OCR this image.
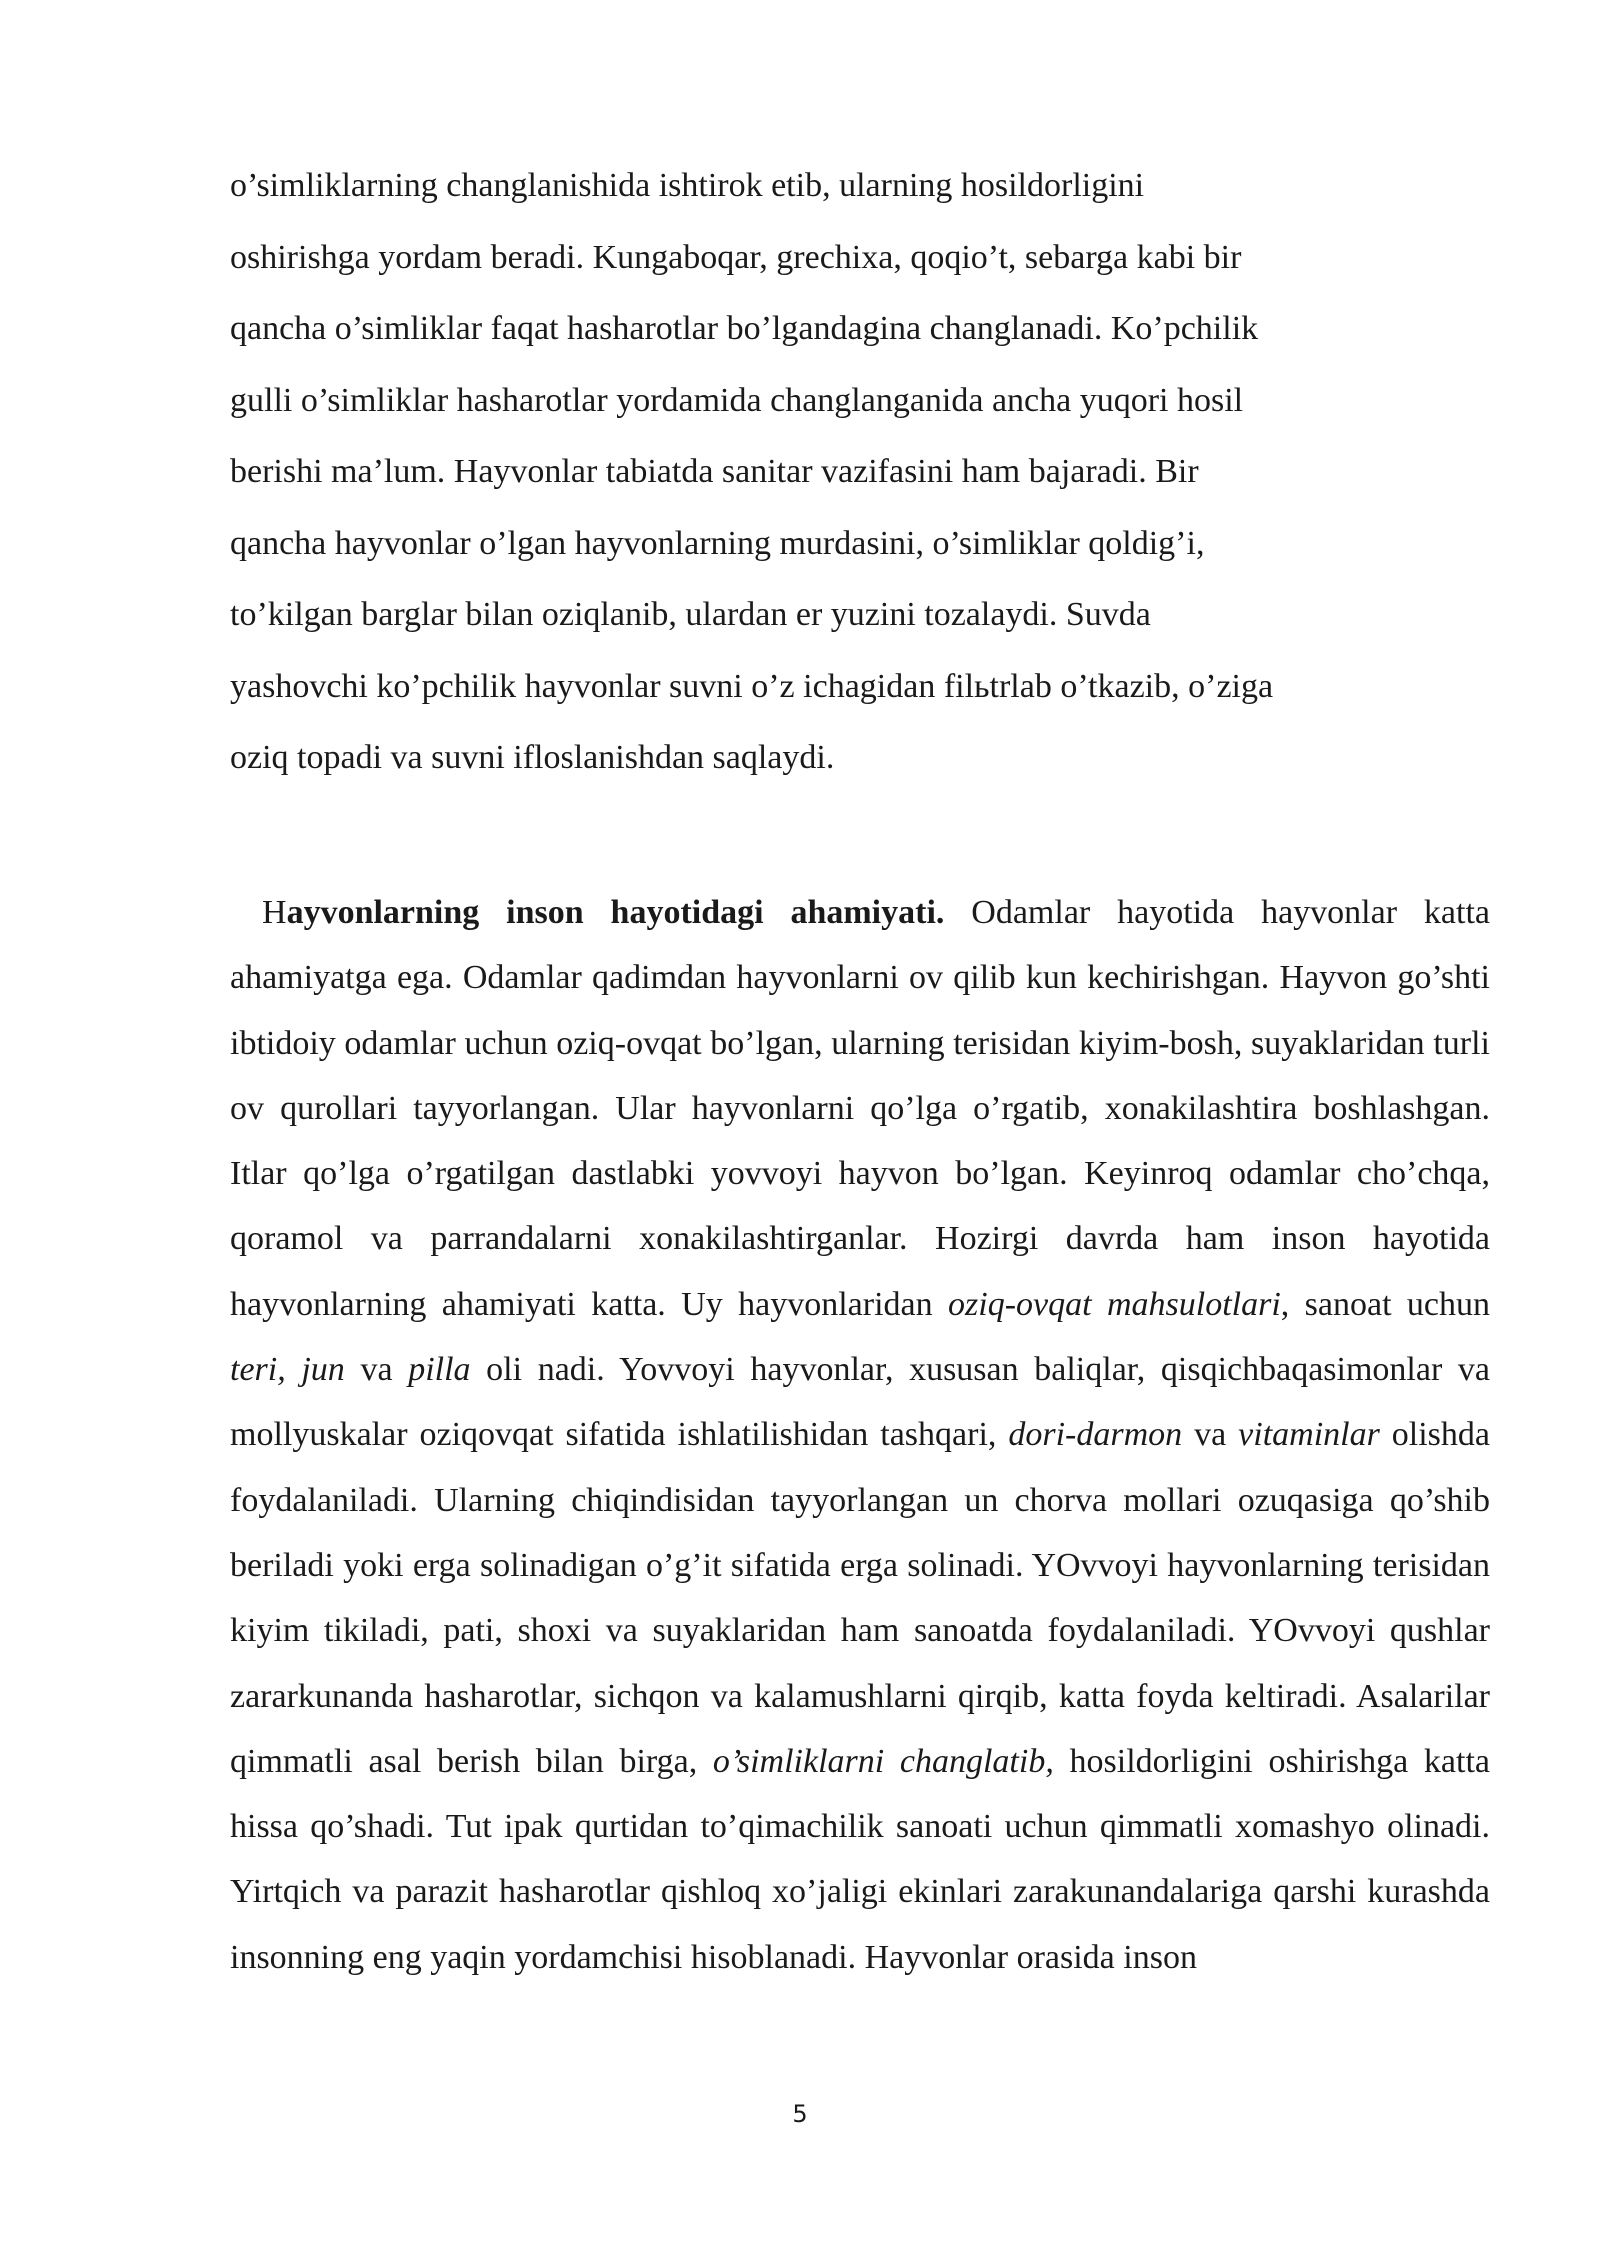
o’simliklarning changlanishida ishtirok etib, ularning hosildorligini
oshirishga yordam beradi. Kungaboqar, grechixa, qoqio’t, sebarga kabi bir
qancha o’simliklar faqat hasharotlar bo’lgandagina changlanadi. Ko’pchilik
gulli o’simliklar hasharotlar yordamida changlanganida ancha yuqori hosil
berishi ma’lum. Hayvonlar tabiatda sanitar vazifasini ham bajaradi. Bir
qancha hayvonlar o’lgan hayvonlarning murdasini, o’simliklar qoldig’i,
to’kilgan barglar bilan oziqlanib, ulardan er yuzini tozalaydi. Suvda
yashovchi ko’pchilik hayvonlar suvni o’z ichagidan filьtrlab o’tkazib, o’ziga
oziq topadi va suvni ifloslanishdan saqlaydi.

Hayvonlarning inson hayotidagi ahamiyati. Odamlar hayotida hayvonlar katta ahamiyatga ega. Odamlar qadimdan hayvonlarni ov qilib kun kechirishgan. Hayvon go’shti ibtidoiy odamlar uchun oziq-ovqat bo’lgan, ularning terisidan kiyim-bosh, suyaklaridan turli ov qurollari tayyorlangan. Ular hayvonlarni qo’lga o’rgatib, xonakilashtira boshlashgan. Itlar qo’lga o’rgatilgan dastlabki yovvoyi hayvon bo’lgan. Keyinroq odamlar cho’chqa, qoramol va parrandalarni xonakilashtirganlar. Hozirgi davrda ham inson hayotida hayvonlarning ahamiyati katta. Uy hayvonlaridan oziq-ovqat mahsulotlari, sanoat uchun teri, jun va pilla oli nadi. Yovvoyi hayvonlar, xususan baliqlar, qisqichbaqasimonlar va mollyuskalar oziqovqat sifatida ishlatilishidan tashqari, dori-darmon va vitaminlar olishda foydalaniladi. Ularning chiqindisidan tayyorlangan un chorva mollari ozuqasiga qo’shib beriladi yoki erga solinadigan o’g’it sifatida erga solinadi. YOvvoyi hayvonlarning terisidan kiyim tikiladi, pati, shoxi va suyaklaridan ham sanoatda foydalaniladi. YOvvoyi qushlar zararkunanda hasharotlar, sichqon va kalamushlarni qirqib, katta foyda keltiradi. Asalarilar qimmatli asal berish bilan birga, o’simliklarni changlatib, hosildorligini oshirishga katta hissa qo’shadi. Tut ipak qurtidan to’qimachilik sanoati uchun qimmatli xomashyo olinadi. Yirtqich va parazit hasharotlar qishloq xo’jaligi ekinlari zarakunandalariga qarshi kurashda insonning eng yaqin yordamchisi hisoblanadi. Hayvonlar orasida inson

5
